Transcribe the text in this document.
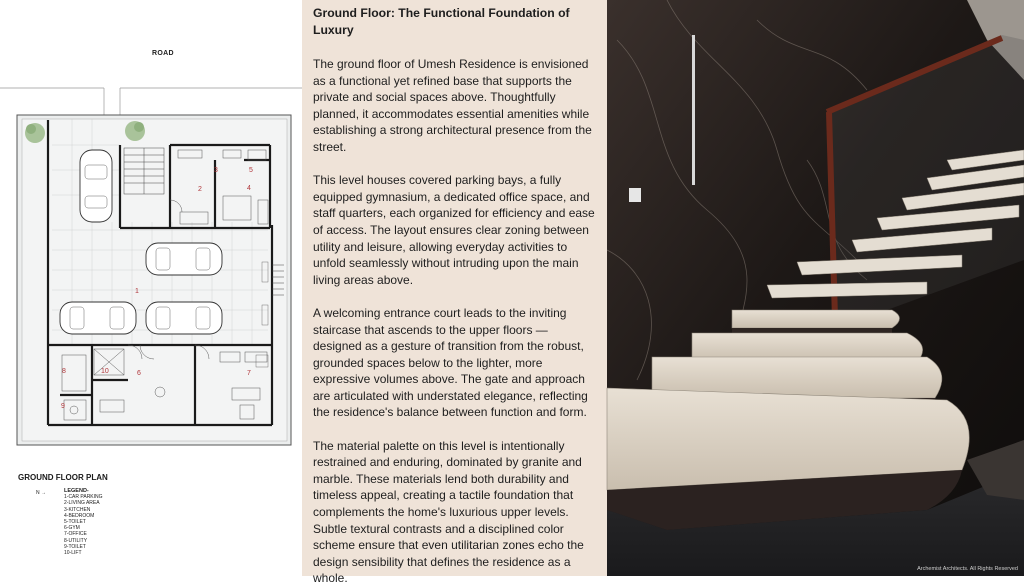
1
2
3
4
5
6	7
8
9
10
ROAD
GROUND FLOOR PLAN
N →	LEGEND-
1-CAR PARKING
2-LIVING AREA
3-KITCHEN
4-BEDROOM
5-TOILET
6-GYM
7-OFFICE
8-UTILITY
9-TOILET
10-LIFT
Ground Floor: The Functional Foundation of Luxury

The ground floor of Umesh Residence is envisioned as a functional yet refined base that supports the private and social spaces above. Thoughtfully planned, it accommodates essential amenities while establishing a strong architectural presence from the street.

This level houses covered parking bays, a fully equipped gymnasium, a dedicated office space, and staff quarters, each organized for efficiency and ease of access. The layout ensures clear zoning between utility and leisure, allowing everyday activities to unfold seamlessly without intruding upon the main living areas above.

A welcoming entrance court leads to the inviting staircase that ascends to the upper floors — designed as a gesture of transition from the robust, grounded spaces below to the lighter, more expressive volumes above. The gate and approach are articulated with understated elegance, reflecting the residence's balance between function and form.

The material palette on this level is intentionally restrained and enduring, dominated by granite and marble. These materials lend both durability and timeless appeal, creating a tactile foundation that complements the home's luxurious upper levels. Subtle textural contrasts and a disciplined color scheme ensure that even utilitarian zones echo the design sensibility that defines the residence as a whole.

Archemist Architects. All Rights Reserved
